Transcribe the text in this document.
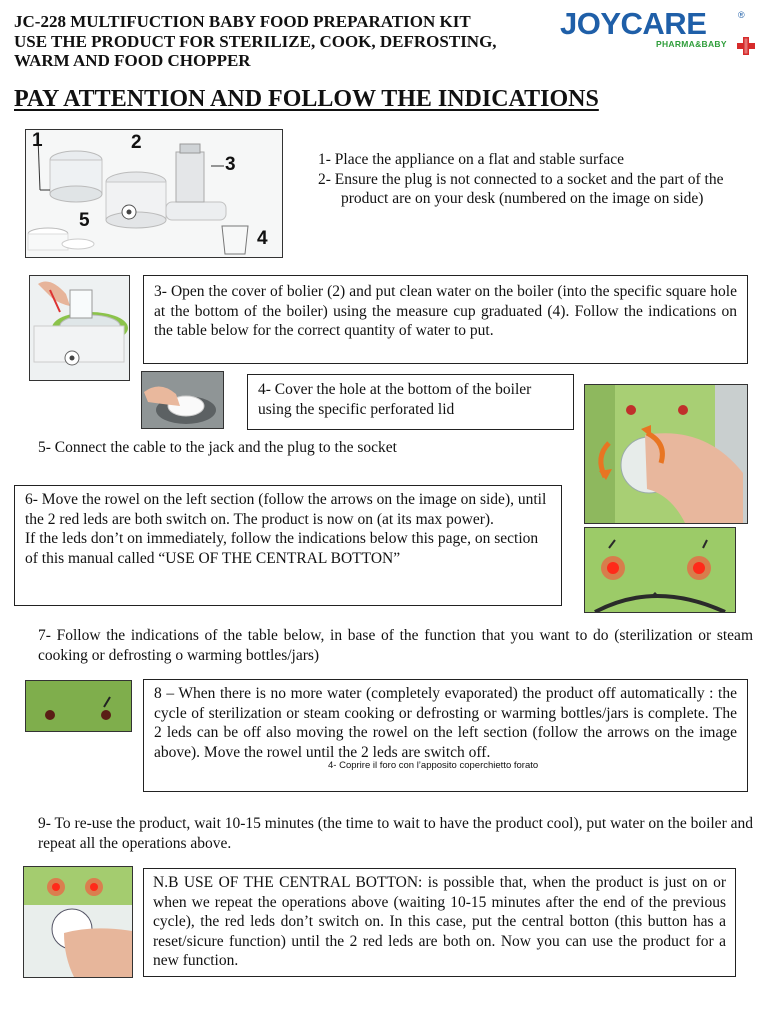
JC-228 MULTIFUCTION BABY FOOD PREPARATION KIT
USE THE PRODUCT FOR STERILIZE, COOK, DEFROSTING,
WARM AND FOOD CHOPPER
JOYCARE	®
PHARMA&BABY
PAY ATTENTION AND FOLLOW THE INDICATIONS
1	2
3
4
5
1- Place the appliance on a flat and stable surface
2- Ensure the plug is not connected to a socket and the part of the product are on your desk (numbered on the image on side)
3- Open the cover of bolier (2) and put clean water on the boiler (into the specific square hole at the bottom of the boiler) using the measure cup graduated (4). Follow the indications on the table below for the correct quantity of water to put.
4- Cover the hole at the bottom of the boiler using the specific perforated lid
5- Connect the cable to the jack and the plug to the socket
6- Move the rowel on the left section (follow the arrows on the image on side), until the 2 red leds are both switch on. The product is now on (at its max power).
If the leds don’t on immediately, follow the indications below this page, on section of this manual called “USE OF THE CENTRAL BOTTON”
7- Follow the indications of the table below, in base of the function that you want to do (sterilization or steam cooking or defrosting o warming bottles/jars)
8 – When there is no more water (completely evaporated) the product off automatically : the cycle of sterilization or steam cooking or defrosting or warming bottles/jars is complete. The 2 leds can be off also moving the rowel on the left section (follow the arrows on the image above). Move the rowel until the 2 leds are switch off.
4- Coprire il foro con l’apposito coperchietto forato
9- To re-use the product, wait 10-15 minutes (the time to wait to have the product cool), put water on the boiler and repeat all the operations above.
N.B USE OF THE CENTRAL BOTTON: is possible that, when the product is just on or when we repeat the operations above (waiting 10-15 minutes after the end of the previous cycle), the red leds don’t switch on. In this case, put the central botton (this button has a reset/sicure function) until the 2 red leds are both on. Now you can use the product for a new function.
